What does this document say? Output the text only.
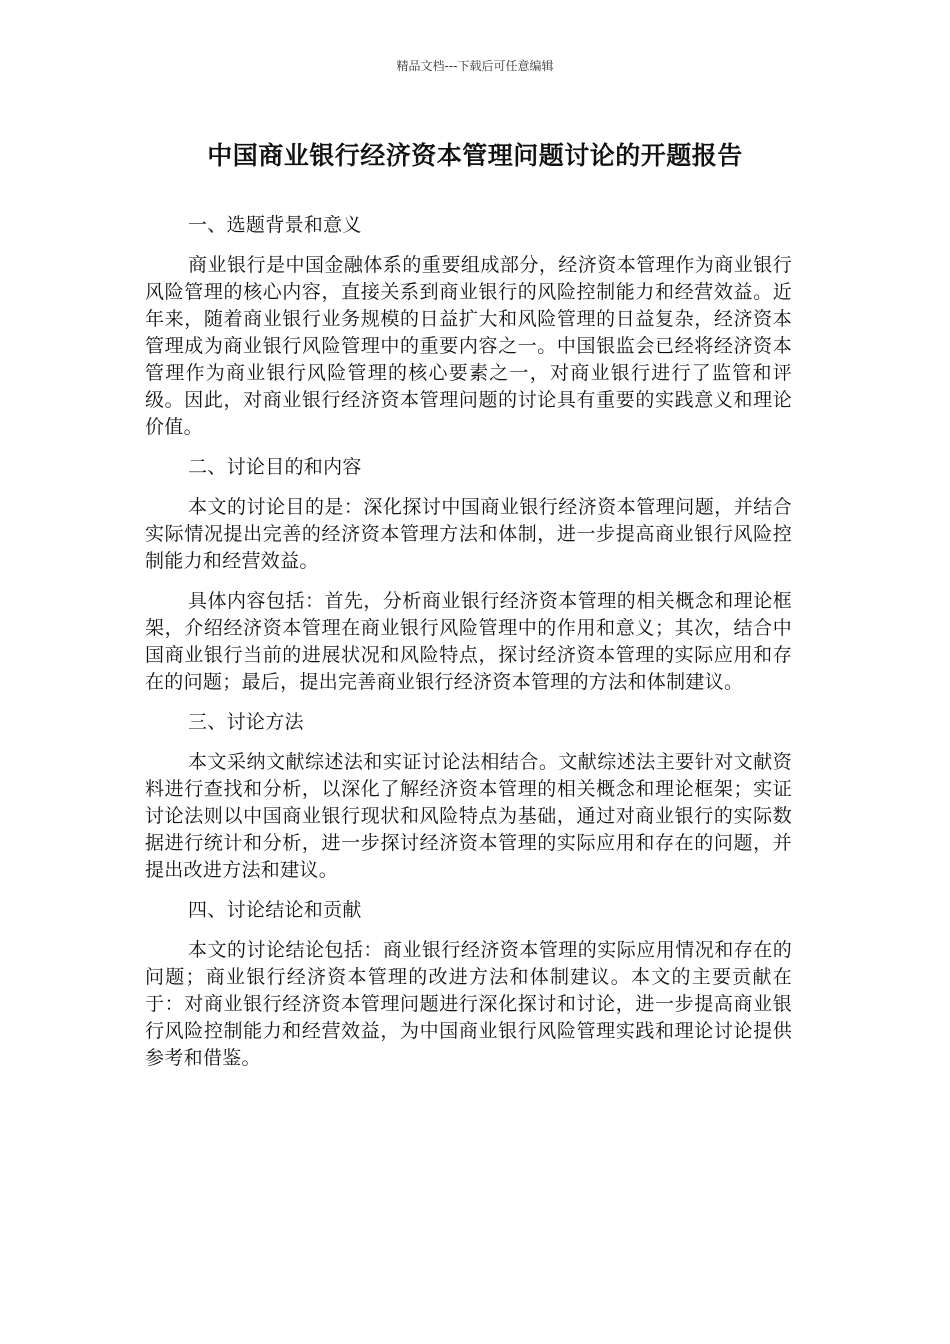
精品文档---下载后可任意编辑
中国商业银行经济资本管理问题讨论的开题报告

一、选题背景和意义

商业银行是中国金融体系的重要组成部分，经济资本管理作为商业银行风险管理的核心内容，直接关系到商业银行的风险控制能力和经营效益。近年来，随着商业银行业务规模的日益扩大和风险管理的日益复杂，经济资本管理成为商业银行风险管理中的重要内容之一。中国银监会已经将经济资本管理作为商业银行风险管理的核心要素之一，对商业银行进行了监管和评级。因此，对商业银行经济资本管理问题的讨论具有重要的实践意义和理论价值。

二、讨论目的和内容

本文的讨论目的是：深化探讨中国商业银行经济资本管理问题，并结合实际情况提出完善的经济资本管理方法和体制，进一步提高商业银行风险控制能力和经营效益。

具体内容包括：首先，分析商业银行经济资本管理的相关概念和理论框架，介绍经济资本管理在商业银行风险管理中的作用和意义；其次，结合中国商业银行当前的进展状况和风险特点，探讨经济资本管理的实际应用和存在的问题；最后，提出完善商业银行经济资本管理的方法和体制建议。

三、讨论方法

本文采纳文献综述法和实证讨论法相结合。文献综述法主要针对文献资料进行查找和分析，以深化了解经济资本管理的相关概念和理论框架；实证讨论法则以中国商业银行现状和风险特点为基础，通过对商业银行的实际数据进行统计和分析，进一步探讨经济资本管理的实际应用和存在的问题，并提出改进方法和建议。

四、讨论结论和贡献

本文的讨论结论包括：商业银行经济资本管理的实际应用情况和存在的问题；商业银行经济资本管理的改进方法和体制建议。本文的主要贡献在于：对商业银行经济资本管理问题进行深化探讨和讨论，进一步提高商业银行风险控制能力和经营效益，为中国商业银行风险管理实践和理论讨论提供参考和借鉴。
